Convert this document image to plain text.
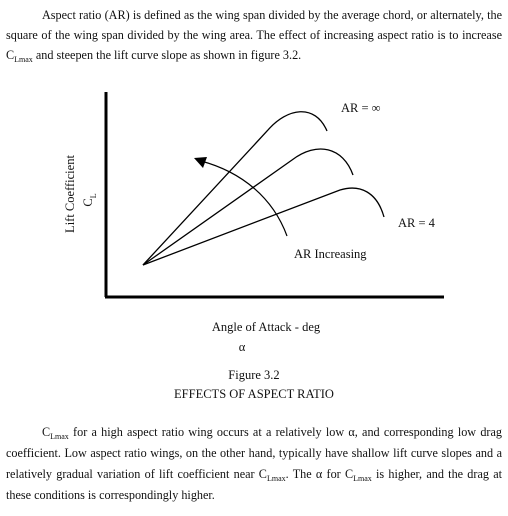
Aspect ratio (AR) is defined as the wing span divided by the average chord, or alternately, the square of the wing span divided by the wing area. The effect of increasing aspect ratio is to increase $C_{Lmax}$ and steepen the lift curve slope as shown in figure 3.2.

AR = ∞
AR = 4
AR Increasing
Lift Coefficient $C_L$
Angle of Attack - deg
α

Figure 3.2

EFFECTS OF ASPECT RATIO

$C_{Lmax}$ for a high aspect ratio wing occurs at a relatively low α, and corresponding low drag coefficient. Low aspect ratio wings, on the other hand, typically have shallow lift curve slopes and a relatively gradual variation of lift coefficient near $C_{Lmax}$. The α for $C_{Lmax}$ is higher, and the drag at these conditions is correspondingly higher.
